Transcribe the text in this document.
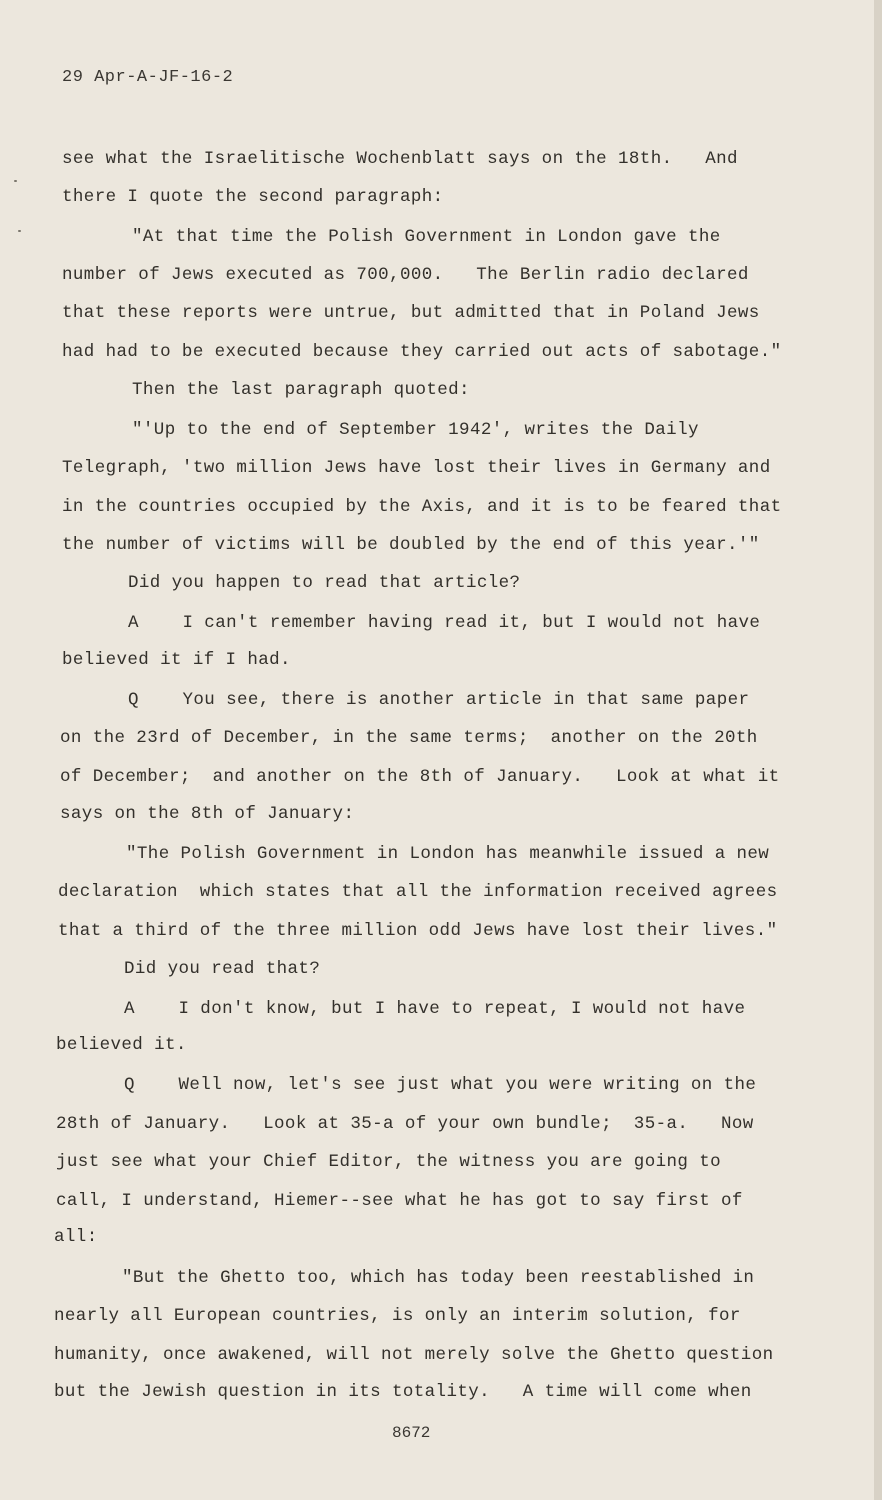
29 Apr-A-JF-16-2
see what the Israelitische Wochenblatt says on the 18th.   And
there I quote the second paragraph:
"At that time the Polish Government in London gave the
number of Jews executed as 700,000.   The Berlin radio declared
that these reports were untrue, but admitted that in Poland Jews
had had to be executed because they carried out acts of sabotage."
Then the last paragraph quoted:
"'Up to the end of September 1942', writes the Daily
Telegraph, 'two million Jews have lost their lives in Germany and
in the countries occupied by the Axis, and it is to be feared that
the number of victims will be doubled by the end of this year.'"
Did you happen to read that article?
A    I can't remember having read it, but I would not have
believed it if I had.
Q    You see, there is another article in that same paper
on the 23rd of December, in the same terms;  another on the 20th
of December;  and another on the 8th of January.   Look at what it
says on the 8th of January:
"The Polish Government in London has meanwhile issued a new
declaration  which states that all the information received agrees
that a third of the three million odd Jews have lost their lives."
Did you read that?
A    I don't know, but I have to repeat, I would not have
believed it.
Q    Well now, let's see just what you were writing on the
28th of January.   Look at 35-a of your own bundle;  35-a.   Now
just see what your Chief Editor, the witness you are going to
call, I understand, Hiemer--see what he has got to say first of
all:
"But the Ghetto too, which has today been reestablished in
nearly all European countries, is only an interim solution, for
humanity, once awakened, will not merely solve the Ghetto question
but the Jewish question in its totality.   A time will come when
8672
